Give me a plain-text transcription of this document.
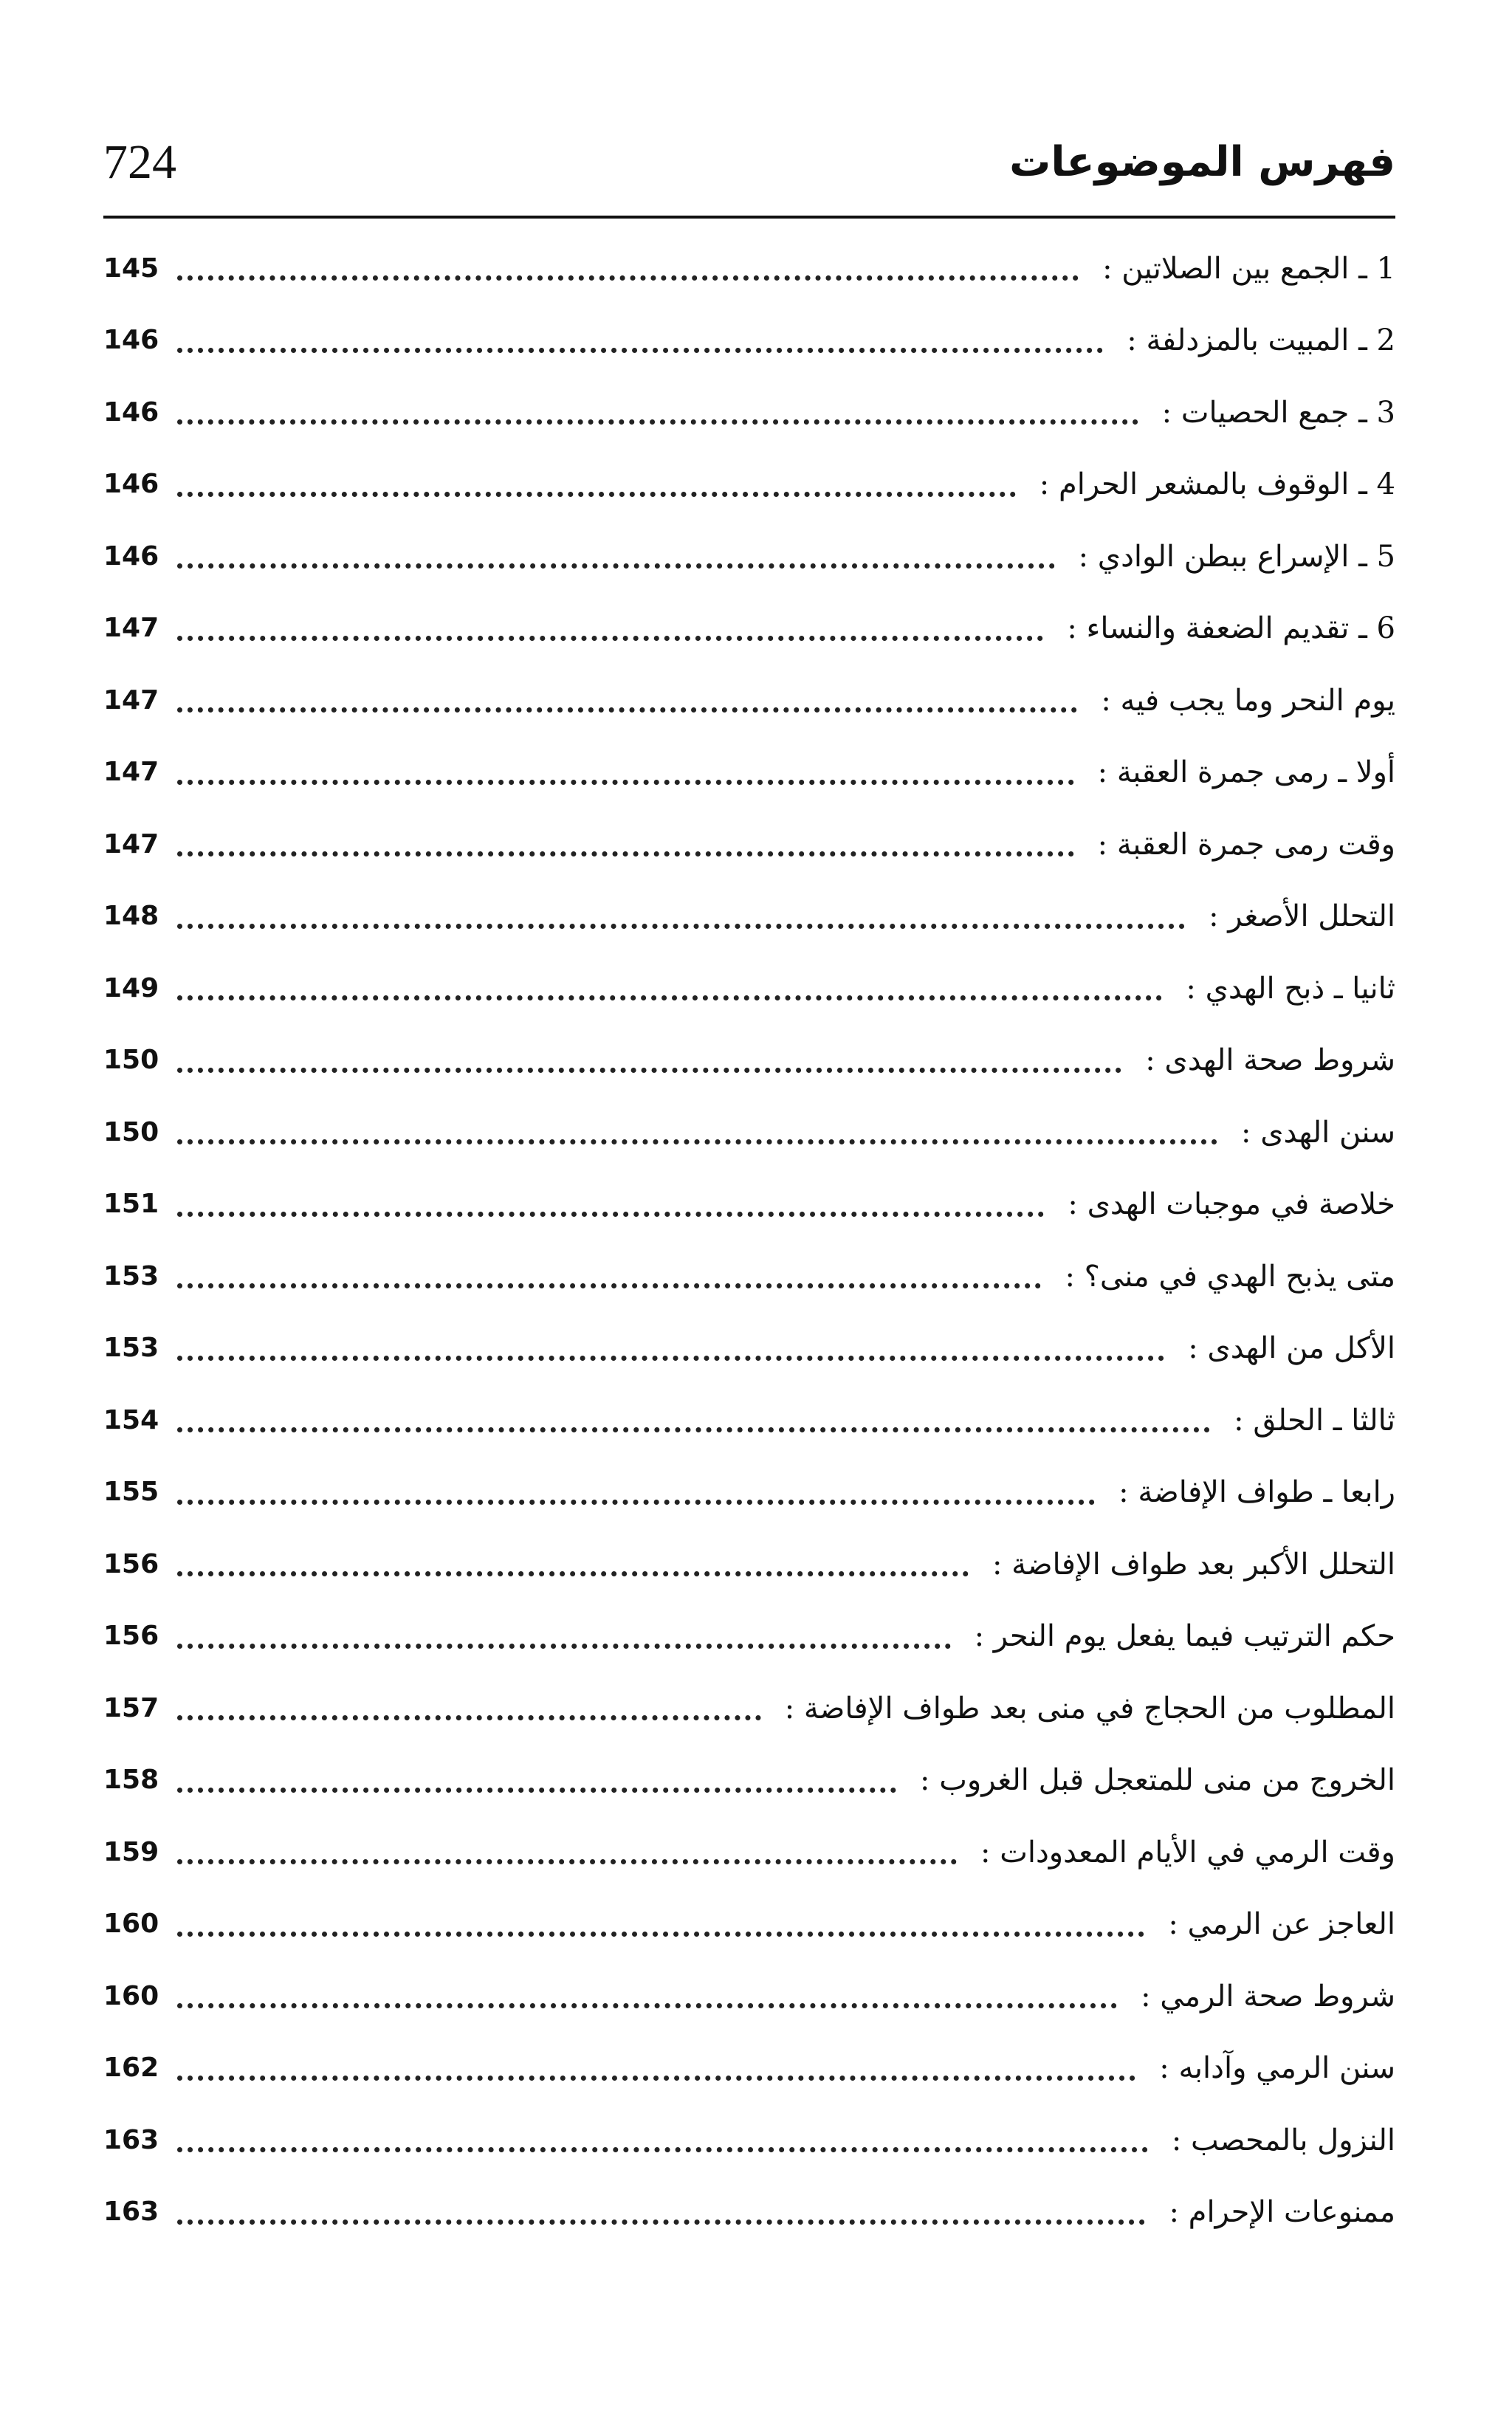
724	فهرس الموضوعات
1 ـ الجمع بين الصلاتين :
145
2 ـ المبيت بالمزدلفة :
146
3 ـ جمع الحصيات :
146
4 ـ الوقوف بالمشعر الحرام :
146
5 ـ الإسراع ببطن الوادي :
146
6 ـ تقديم الضعفة والنساء :
147
يوم النحر وما يجب فيه :
147
أولا ـ رمى جمرة العقبة :
147
وقت رمى جمرة العقبة :
147
التحلل الأصغر :
148
ثانيا ـ ذبح الهدي :
149
شروط صحة الهدى :
150
سنن الهدى :
150
خلاصة في موجبات الهدى :
151
متى يذبح الهدي في منى؟ :
153
الأكل من الهدى :
153
ثالثا ـ الحلق :
154
رابعا ـ طواف الإفاضة :
155
التحلل الأكبر بعد طواف الإفاضة :
156
حكم الترتيب فيما يفعل يوم النحر :
156
المطلوب من الحجاج في منى بعد طواف الإفاضة :
157
الخروج من منى للمتعجل قبل الغروب :
158
وقت الرمي في الأيام المعدودات :
159
العاجز عن الرمي :
160
شروط صحة الرمي :
160
سنن الرمي وآدابه :
162
النزول بالمحصب :
163
ممنوعات الإحرام :
163
